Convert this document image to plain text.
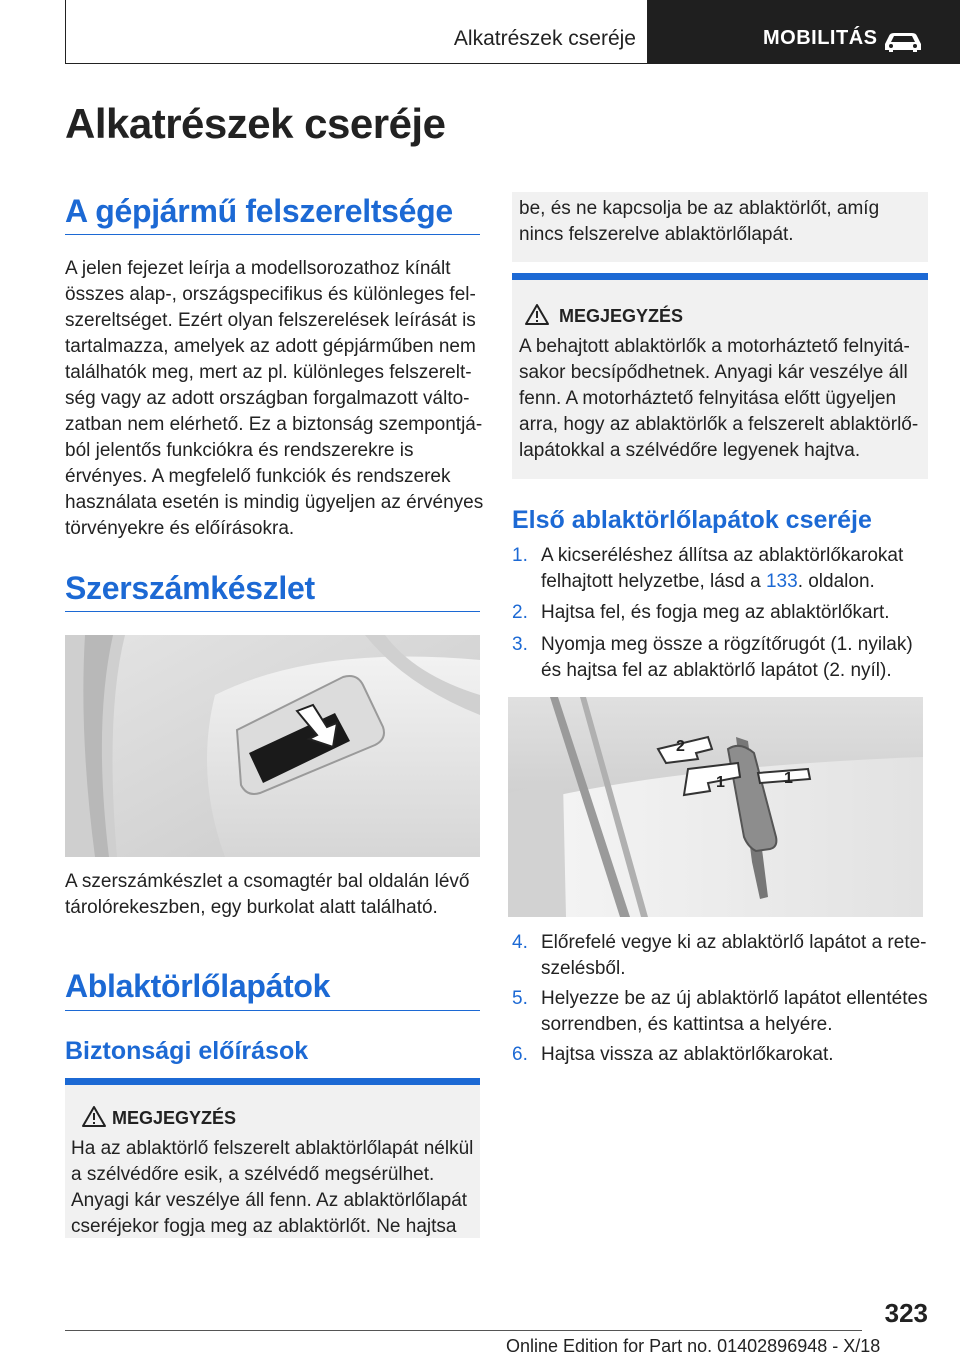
Alkatrészek cseréje	MOBILITÁS
Alkatrészek cseréje
A gépjármű felszereltsége
A jelen fejezet leírja a modellsorozathoz kínált
összes alap-, országspecifikus és különleges fel‐
szereltséget. Ezért olyan felszerelések leírását is
tartalmazza, amelyek az adott gépjárműben nem
találhatók meg, mert az pl. különleges felszerelt‐
ség vagy az adott országban forgalmazott válto‐
zatban nem elérhető. Ez a biztonság szempontjá‐
ból jelentős funkciókra és rendszerekre is
érvényes. A megfelelő funkciók és rendszerek
használata esetén is mindig ügyeljen az érvényes
törvényekre és előírásokra.
Szerszámkészlet
A szerszámkészlet a csomagtér bal oldalán lévő
tárolórekeszben, egy burkolat alatt található.
Ablaktörlőlapátok
Biztonsági előírások
MEGJEGYZÉS
Ha az ablaktörlő felszerelt ablaktörlőlapát nélkül
a szélvédőre esik, a szélvédő megsérülhet.
Anyagi kár veszélye áll fenn. Az ablaktörlőlapát
cseréjekor fogja meg az ablaktörlőt. Ne hajtsa
be, és ne kapcsolja be az ablaktörlőt, amíg
nincs felszerelve ablaktörlőlapát.
MEGJEGYZÉS
A behajtott ablaktörlők a motorháztető felnyitá‐
sakor becsípődhetnek. Anyagi kár veszélye áll
fenn. A motorháztető felnyitása előtt ügyeljen
arra, hogy az ablaktörlők a felszerelt ablaktörlő‐
lapátokkal a szélvédőre legyenek hajtva.
Első ablaktörlőlapátok cseréje
1. A kicseréléshez állítsa az ablaktörlőkarokat
felhajtott helyzetbe, lásd a 133. oldalon.
2. Hajtsa fel, és fogja meg az ablaktörlőkart.
3. Nyomja meg össze a rögzítőrugót (1. nyilak)
és hajtsa fel az ablaktörlő lapátot (2. nyíl).
2
1
1
4. Előrefelé vegye ki az ablaktörlő lapátot a rete‐
szelésből.
5. Helyezze be az új ablaktörlő lapátot ellentétes
sorrendben, és kattintsa a helyére.
6. Hajtsa vissza az ablaktörlőkarokat.
323
Online Edition for Part no. 01402896948 - X/18
